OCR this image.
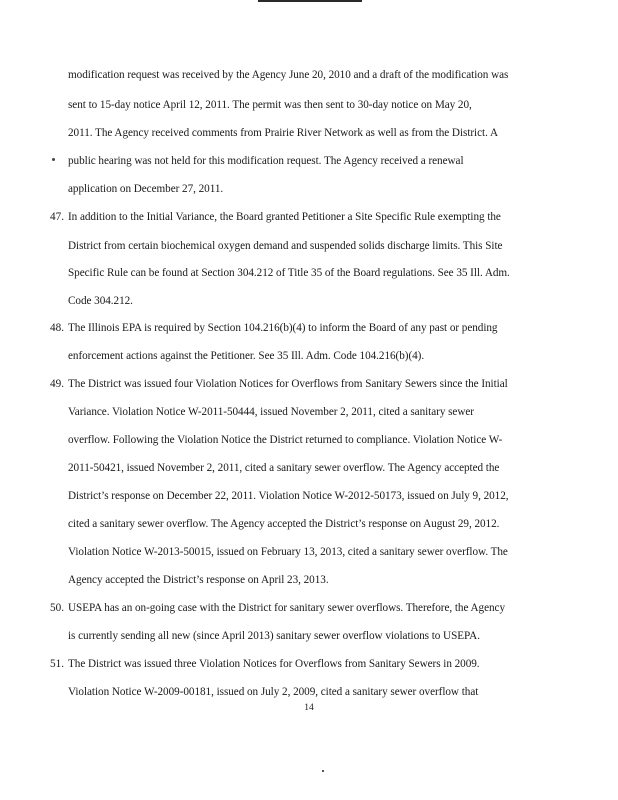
modification request was received by the Agency June 20, 2010 and a draft of the modification was
sent to 15-day notice April 12, 2011. The permit was then sent to 30-day notice on May 20,
2011. The Agency received comments from Prairie River Network as well as from the District. A
public hearing was not held for this modification request. The Agency received a renewal
application on December 27, 2011.
47. In addition to the Initial Variance, the Board granted Petitioner a Site Specific Rule exempting the
District from certain biochemical oxygen demand and suspended solids discharge limits. This Site
Specific Rule can be found at Section 304.212 of Title 35 of the Board regulations. See 35 Ill. Adm.
Code 304.212.
48. The Illinois EPA is required by Section 104.216(b)(4) to inform the Board of any past or pending
enforcement actions against the Petitioner. See 35 Ill. Adm. Code 104.216(b)(4).
49. The District was issued four Violation Notices for Overflows from Sanitary Sewers since the Initial
Variance. Violation Notice W-2011-50444, issued November 2, 2011, cited a sanitary sewer
overflow. Following the Violation Notice the District returned to compliance. Violation Notice W-
2011-50421, issued November 2, 2011, cited a sanitary sewer overflow. The Agency accepted the
District’s response on December 22, 2011. Violation Notice W-2012-50173, issued on July 9, 2012,
cited a sanitary sewer overflow. The Agency accepted the District’s response on August 29, 2012.
Violation Notice W-2013-50015, issued on February 13, 2013, cited a sanitary sewer overflow. The
Agency accepted the District’s response on April 23, 2013.
50. USEPA has an on-going case with the District for sanitary sewer overflows. Therefore, the Agency
is currently sending all new (since April 2013) sanitary sewer overflow violations to USEPA.
51. The District was issued three Violation Notices for Overflows from Sanitary Sewers in 2009.
Violation Notice W-2009-00181, issued on July 2, 2009, cited a sanitary sewer overflow that
14
